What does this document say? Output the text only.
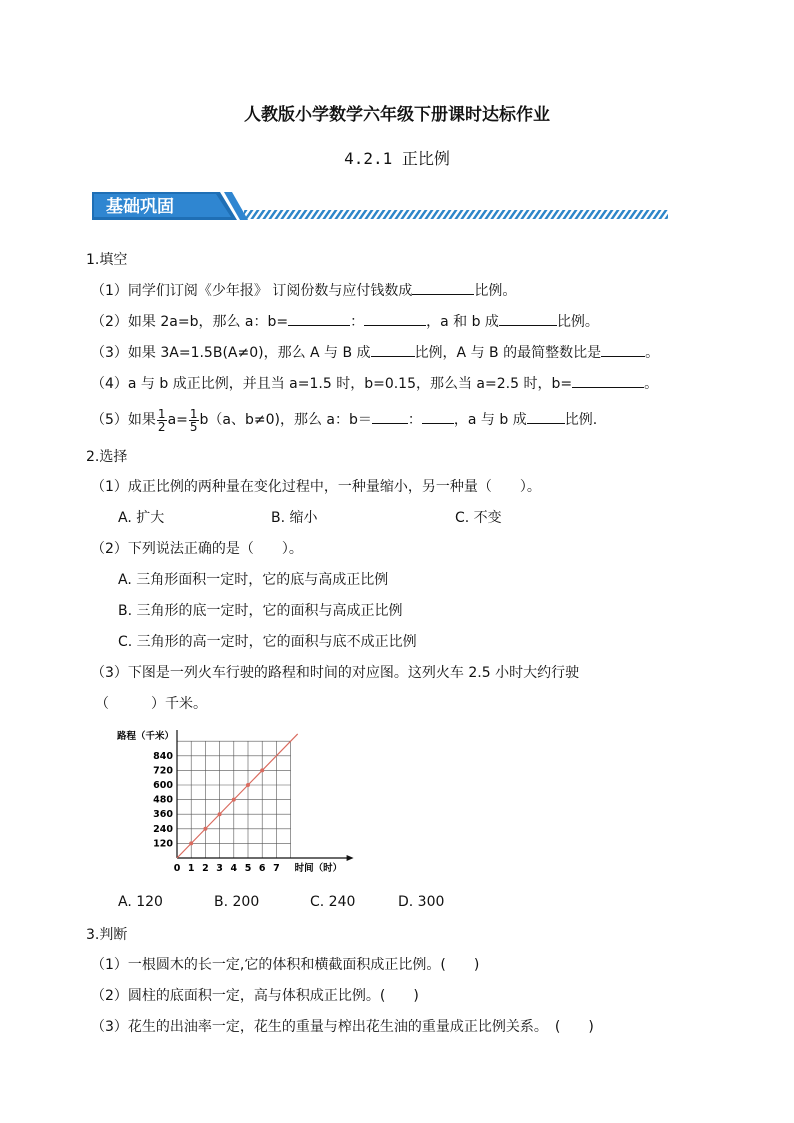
人教版小学数学六年级下册课时达标作业
4.2.1 正比例
基础巩固
1.填空
（1）同学们订阅《少年报》 订阅份数与应付钱数成	比例。
（2）如果 2a=b，那么 a：b=	：	，a 和 b 成	比例。
（3）如果 3A=1.5B(A≠0)，那么 A 与 B 成	比例，A 与 B 的最简整数比是	。
（4）a 与 b 成正比例，并且当 a=1.5 时，b=0.15，那么当 a=2.5 时，b=	。
（5）如果 $\frac{1}{2} a= \frac{1}{5} b(a$、b≠0)，那么 a：b＝	： ，a 与 b 成	比例.
2.选择
（1）成正比例的两种量在变化过程中，一种量缩小，另一种量（　　）。
A. 扩大	B. 缩小	C. 不变
（2）下列说法正确的是（　　）。
A. 三角形面积一定时，它的底与高成正比例
B. 三角形的底一定时，它的面积与高成正比例
C. 三角形的高一定时，它的面积与底不成正比例
（3）下图是一列火车行驶的路程和时间的对应图。这列火车 2.5 小时大约行驶
（　　　）千米。
120
240
360
480
600
720
840
0 1 2 3 4 5 6 7
路程（千米）
时间（时）
A. 120	B. 200	C. 240	D. 300
3.判断
（1）一根圆木的长一定,它的体积和横截面积成正比例。(　　)
（2）圆柱的底面积一定，高与体积成正比例。(　　)
（3）花生的出油率一定，花生的重量与榨出花生油的重量成正比例关系。　(　　)
